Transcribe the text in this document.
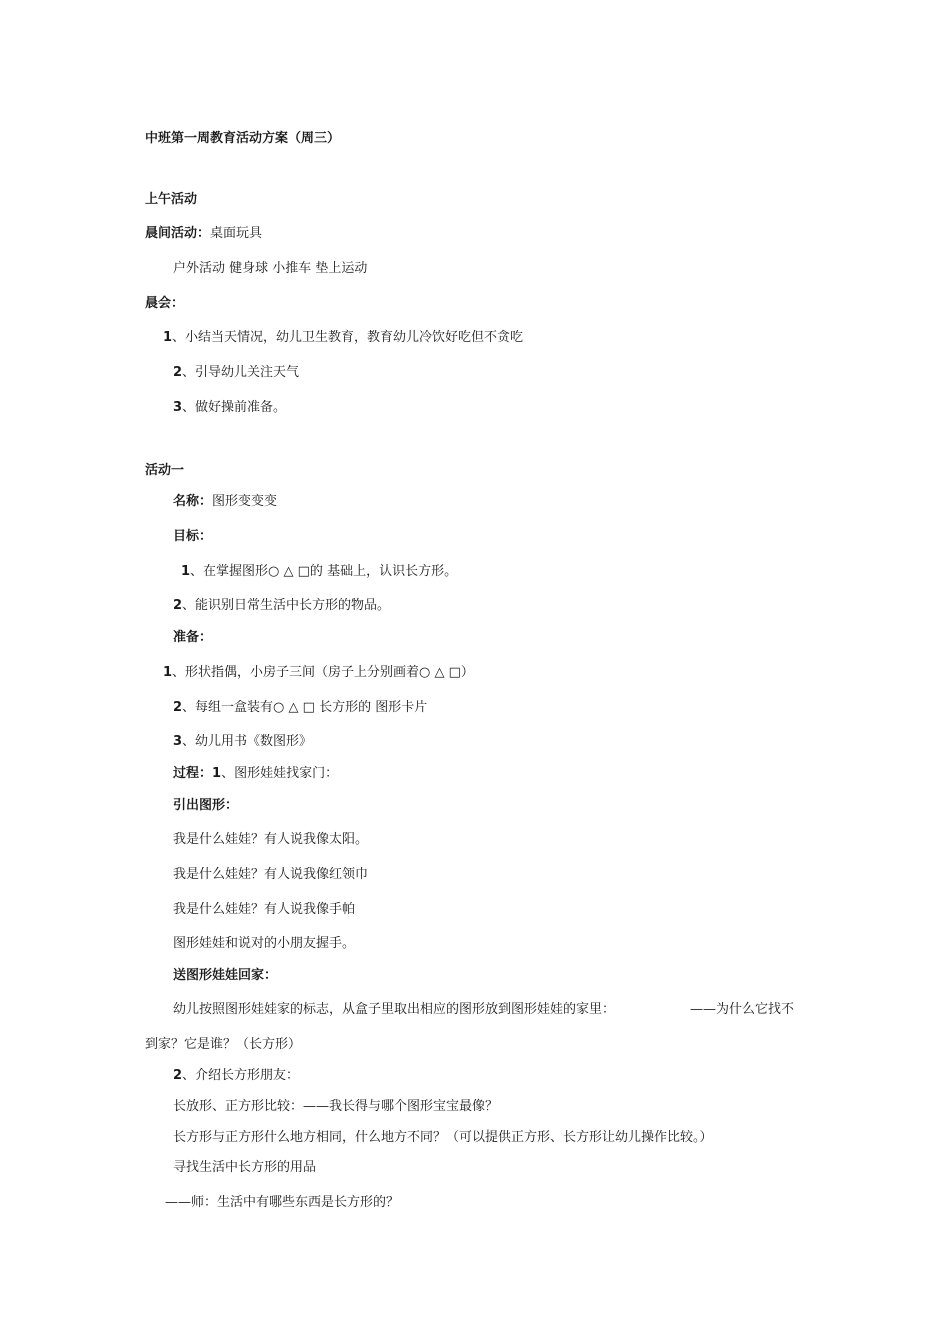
中班第一周教育活动方案（周三）
上午活动
晨间活动：桌面玩具
户外活动 健身球 小推车 垫上运动
晨会：
1、小结当天情况，幼儿卫生教育，教育幼儿冷饮好吃但不贪吃
2、引导幼儿关注天气
3、做好操前准备。
活动一
名称：图形变变变
目标：
1、在掌握图形○ △ □的 基础上，认识长方形。
2、能识别日常生活中长方形的物品。
准备：
1、形状指偶，小房子三间（房子上分别画着○ △ □）
2、每组一盒装有○ △ □ 长方形的 图形卡片
3、幼儿用书《数图形》
过程：1、图形娃娃找家门：
引出图形：
我是什么娃娃？有人说我像太阳。
我是什么娃娃？有人说我像红领巾
我是什么娃娃？有人说我像手帕
图形娃娃和说对的小朋友握手。
送图形娃娃回家：
幼儿按照图形娃娃家的标志，从盒子里取出相应的图形放到图形娃娃的家里：	——为什么它找不
到家？它是谁？（长方形）
2、介绍长方形朋友：
长放形、正方形比较：——我长得与哪个图形宝宝最像？
长方形与正方形什么地方相同，什么地方不同？（可以提供正方形、长方形让幼儿操作比较。）
寻找生活中长方形的用品
——师：生活中有哪些东西是长方形的？
